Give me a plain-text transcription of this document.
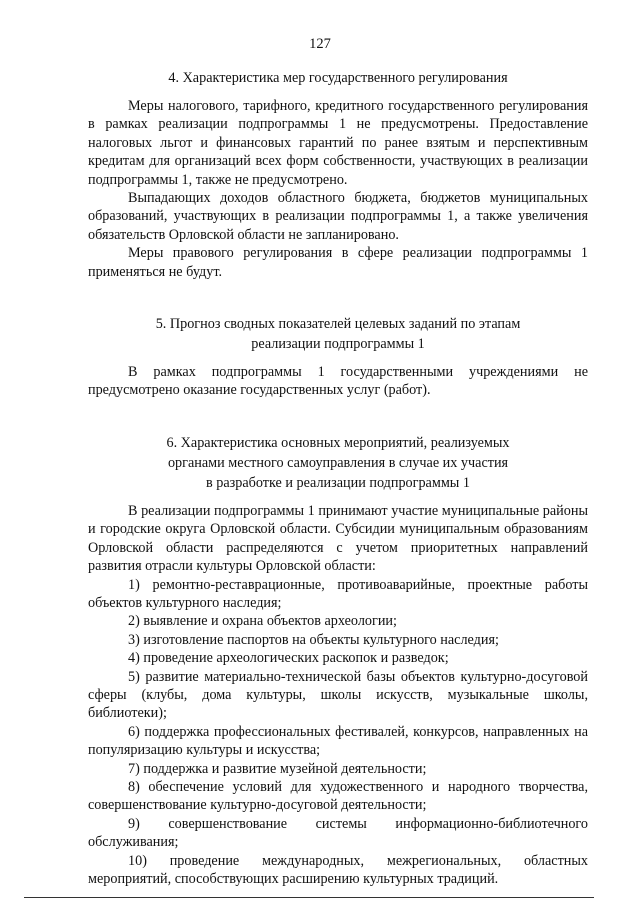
127

4. Характеристика мер государственного регулирования

Меры налогового, тарифного, кредитного государственного регулирования в рамках реализации подпрограммы 1 не предусмотрены. Предоставление налоговых льгот и финансовых гарантий по ранее взятым и перспективным кредитам для организаций всех форм собственности, участвующих в реализации подпрограммы 1, также не предусмотрено.

Выпадающих доходов областного бюджета, бюджетов муниципальных образований, участвующих в реализации подпрограммы 1, а также увеличения обязательств Орловской области не запланировано.

Меры правового регулирования в сфере реализации подпрограммы 1 применяться не будут.

5. Прогноз сводных показателей целевых заданий по этапам
реализации подпрограммы 1

В рамках подпрограммы 1 государственными учреждениями не предусмотрено оказание государственных услуг (работ).

6. Характеристика основных мероприятий, реализуемых
органами местного самоуправления в случае их участия
в разработке и реализации подпрограммы 1

В реализации подпрограммы 1 принимают участие муниципальные районы и городские округа Орловской области. Субсидии муниципальным образованиям Орловской области распределяются с учетом приоритетных направлений развития отрасли культуры Орловской области:

1) ремонтно-реставрационные, противоаварийные, проектные работы объектов культурного наследия;

2) выявление и охрана объектов археологии;

3) изготовление паспортов на объекты культурного наследия;

4) проведение археологических раскопок и разведок;

5) развитие материально-технической базы объектов культурно-досуговой сферы (клубы, дома культуры, школы искусств, музыкальные школы, библиотеки);

6) поддержка профессиональных фестивалей, конкурсов, направленных на популяризацию культуры и искусства;

7) поддержка и развитие музейной деятельности;

8) обеспечение условий для художественного и народного творчества, совершенствование культурно-досуговой деятельности;

9) совершенствование системы информационно-библиотечного обслуживания;

10) проведение международных, межрегиональных, областных мероприятий, способствующих расширению культурных традиций.
